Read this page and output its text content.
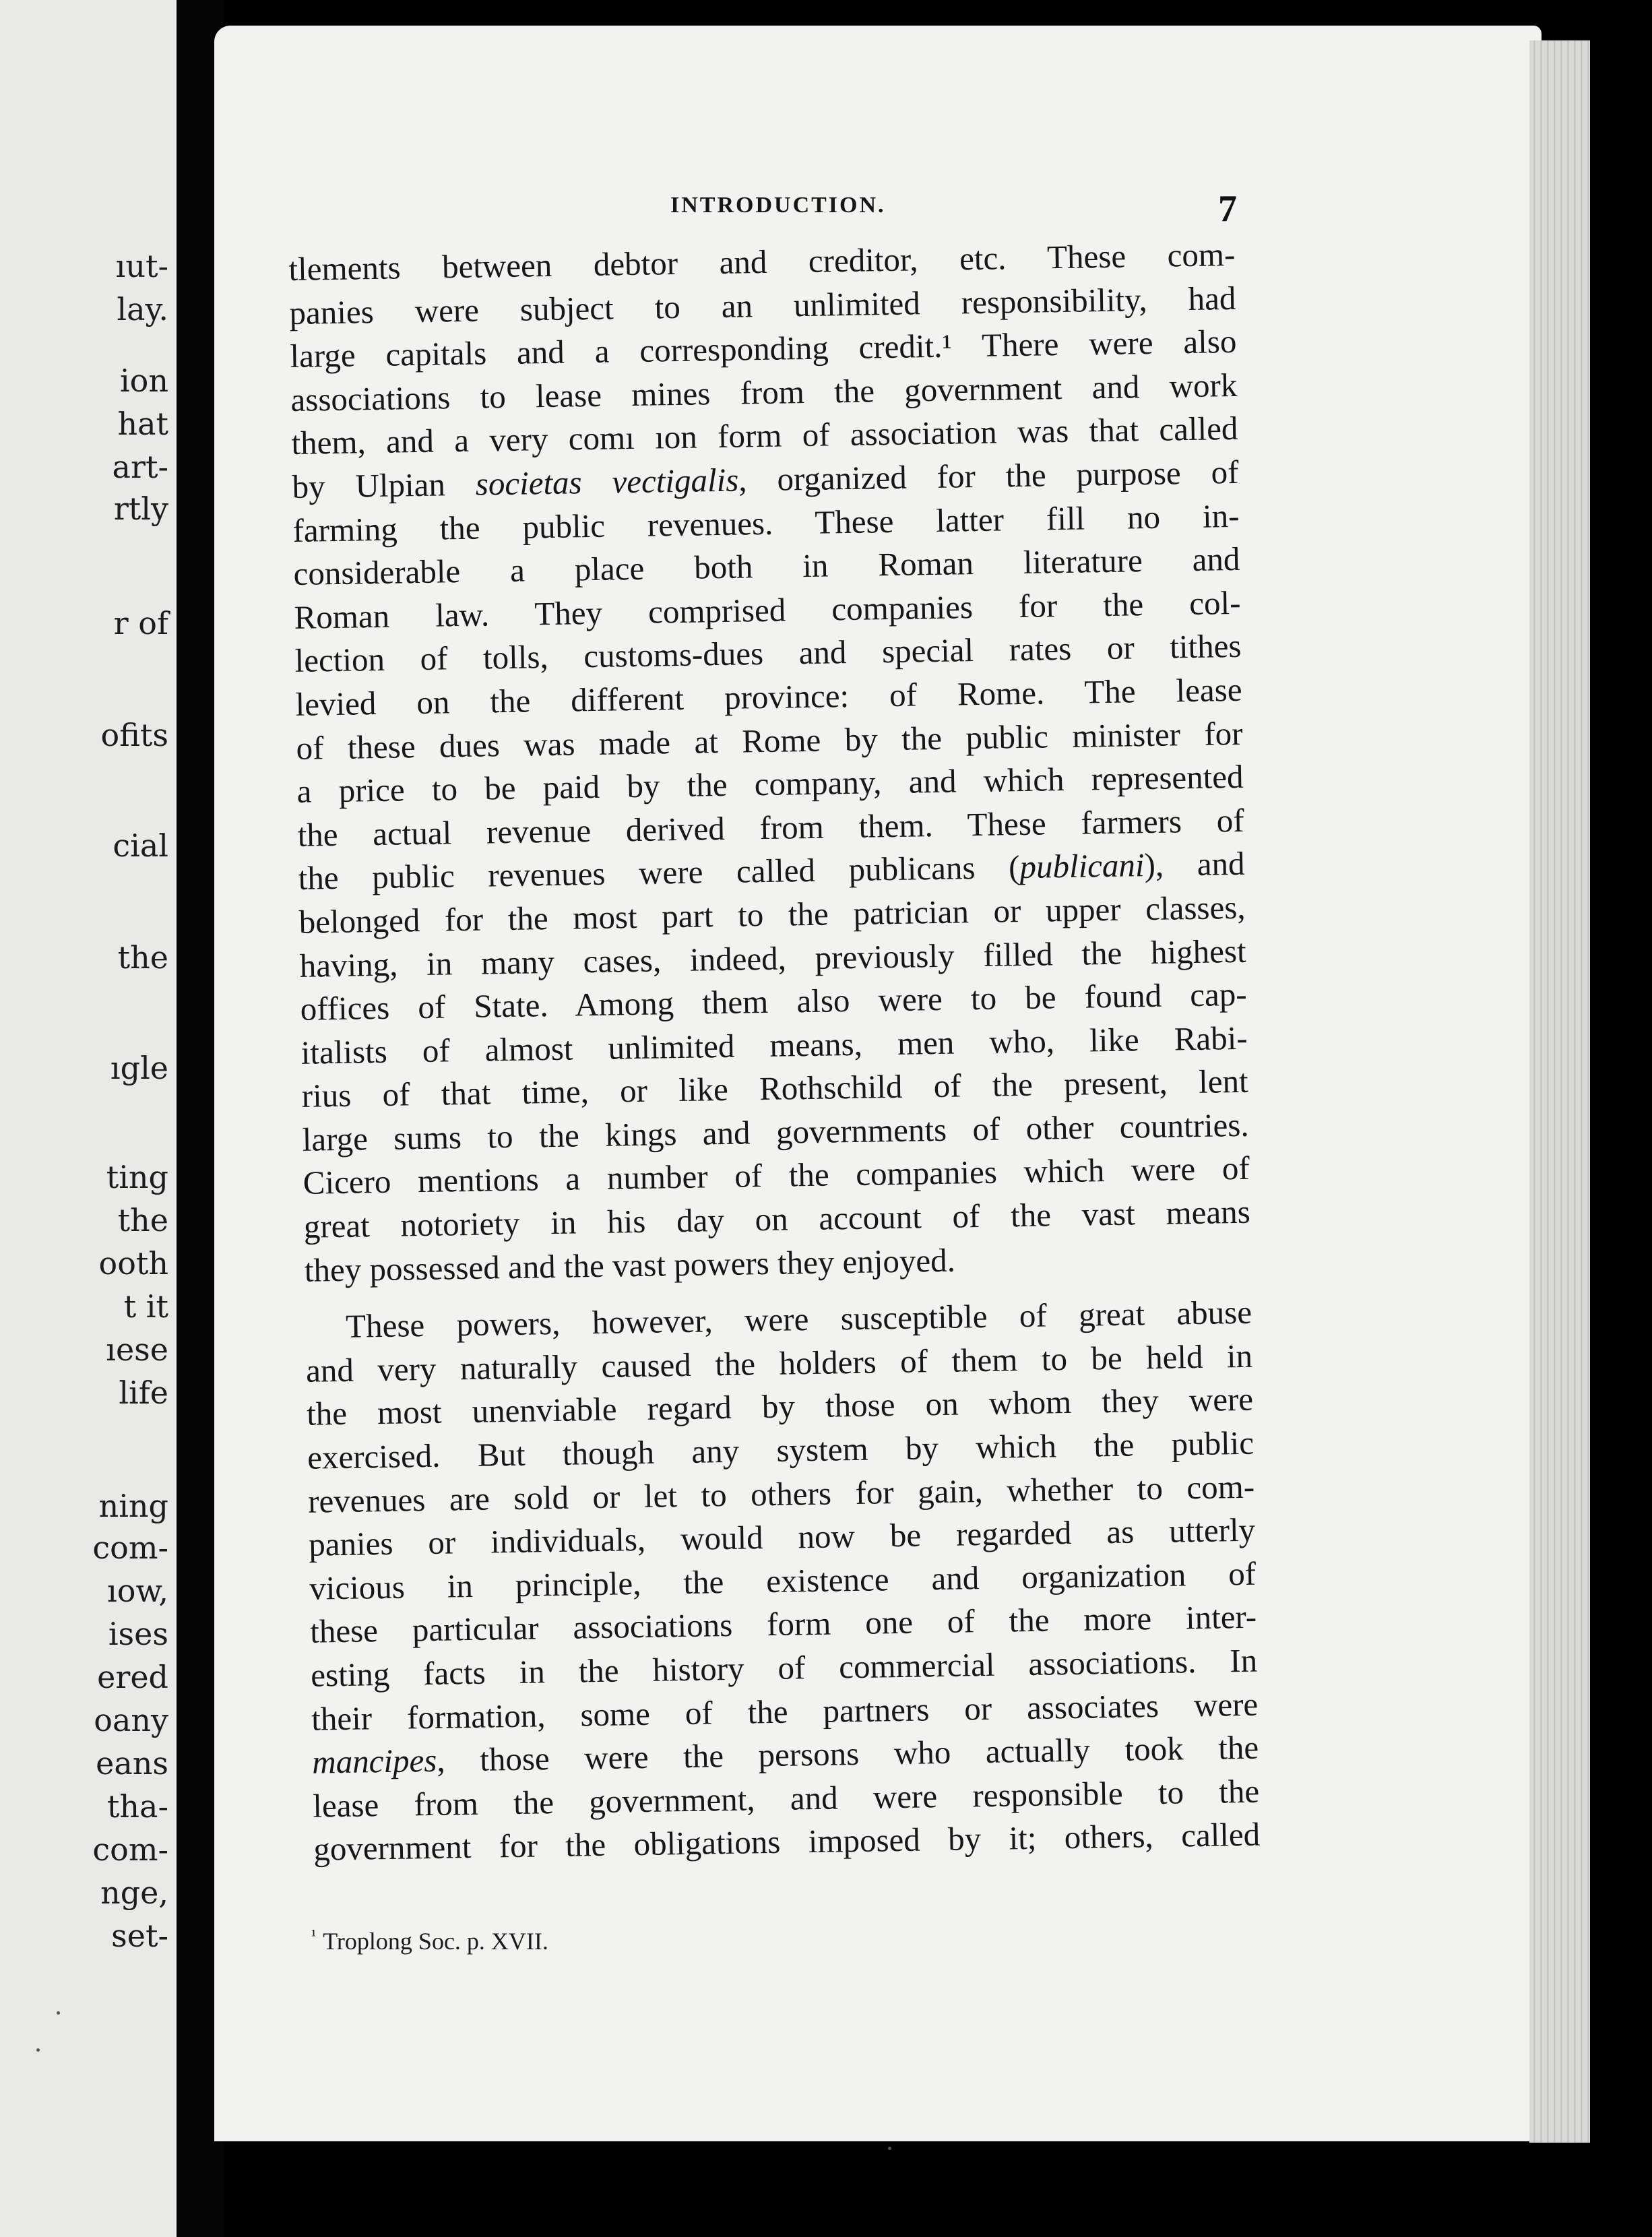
ıut-
lay.
ion
hat
art-
rtly
r of
ofits
cial
the
ıgle
ting
the
ooth
t it
ıese
life
ning
com-
ıow,
ises
ered
oany
eans
tha-
com-
nge,
set-
INTRODUCTION.	7
tlements between debtor and creditor, etc. These com-
panies were subject to an unlimited responsibility, had
large capitals and a corresponding credit.¹ There were also
associations to lease mines from the government and work
them, and a very comı ıon form of association was that called
by Ulpian societas vectigalis, organized for the purpose of
farming the public revenues. These latter fill no in-
considerable a place both in Roman literature and
Roman law. They comprised companies for the col-
lection of tolls, customs-dues and special rates or tithes
levied on the different province: of Rome. The lease
of these dues was made at Rome by the public minister for
a price to be paid by the company, and which represented
the actual revenue derived from them. These farmers of
the public revenues were called publicans (publicani), and
belonged for the most part to the patrician or upper classes,
having, in many cases, indeed, previously filled the highest
offices of State. Among them also were to be found cap-
italists of almost unlimited means, men who, like Rabi-
rius of that time, or like Rothschild of the present, lent
large sums to the kings and governments of other countries.
Cicero mentions a number of the companies which were of
great notoriety in his day on account of the vast means
they possessed and the vast powers they enjoyed.
These powers, however, were susceptible of great abuse
and very naturally caused the holders of them to be held in
the most unenviable regard by those on whom they were
exercised. But though any system by which the public
revenues are sold or let to others for gain, whether to com-
panies or individuals, would now be regarded as utterly
vicious in principle, the existence and organization of
these particular associations form one of the more inter-
esting facts in the history of commercial associations. In
their formation, some of the partners or associates were
mancipes, those were the persons who actually took the
lease from the government, and were responsible to the
government for the obligations imposed by it; others, called
$^{^1}$ Troplong Soc. p. XVII.
